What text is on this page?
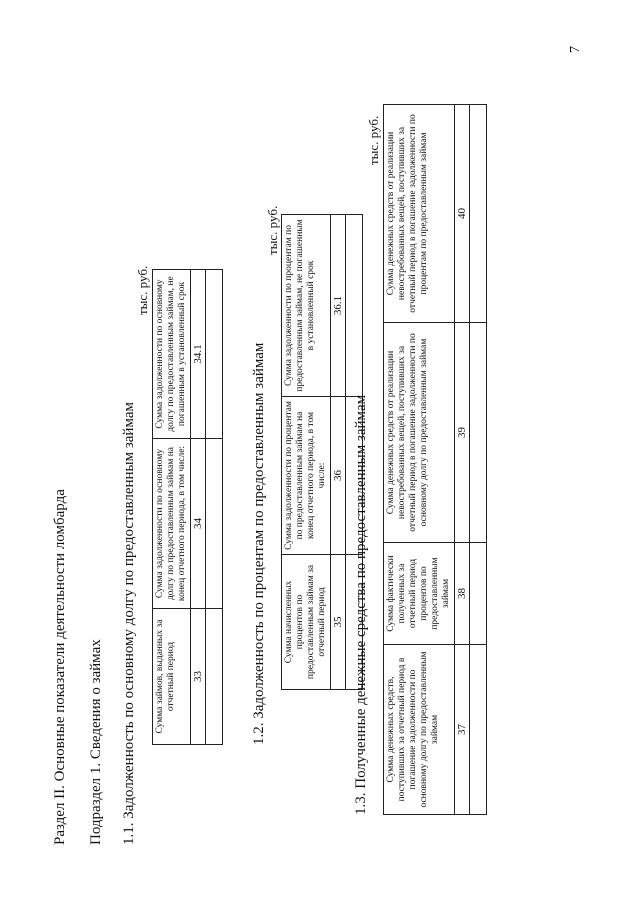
7
Раздел II. Основные показатели деятельности ломбарда Подраздел 1. Сведения о займах 1.1. Задолженность по основному долгу по предоставленным займам
тыс. руб.
Сумма займов, выданных за отчетный период	Сумма задолженности по основному долгу по предоставленным займам на конец отчетного периода, в том числе:	Сумма задолженности по основному долгу по предоставленным займам, не погашенным в установленный срок
33	34	34.1
			1.2. Задолженность по процентам по предоставленным займам
тыс. руб.
Сумма начисленных процентов по предоставленным займам за отчетный период	Сумма задолженности по процентам по предоставленным займам на конец отчетного периода, в том числе:	Сумма задолженности по процентам по предоставленным займам, не погашенным в установленный срок
35	36	36.1

1.3. Полученные денежные средства по предоставленным займам
тыс. руб.
Сумма денежных средств, поступивших за отчетный период в погашение задолженности по основному долгу по предоставленным займам	Сумма фактически полученных за отчетный период процентов по предоставленным займам	Сумма денежных средств от реализации невостребованных вещей, поступивших за отчетный период в погашение задолженности по основному долгу по предоставленным займам	Сумма денежных средств от реализации невостребованных вещей, поступивших за отчетный период в погашение задолженности по процентам по предоставленным займам
37	38	39	40
